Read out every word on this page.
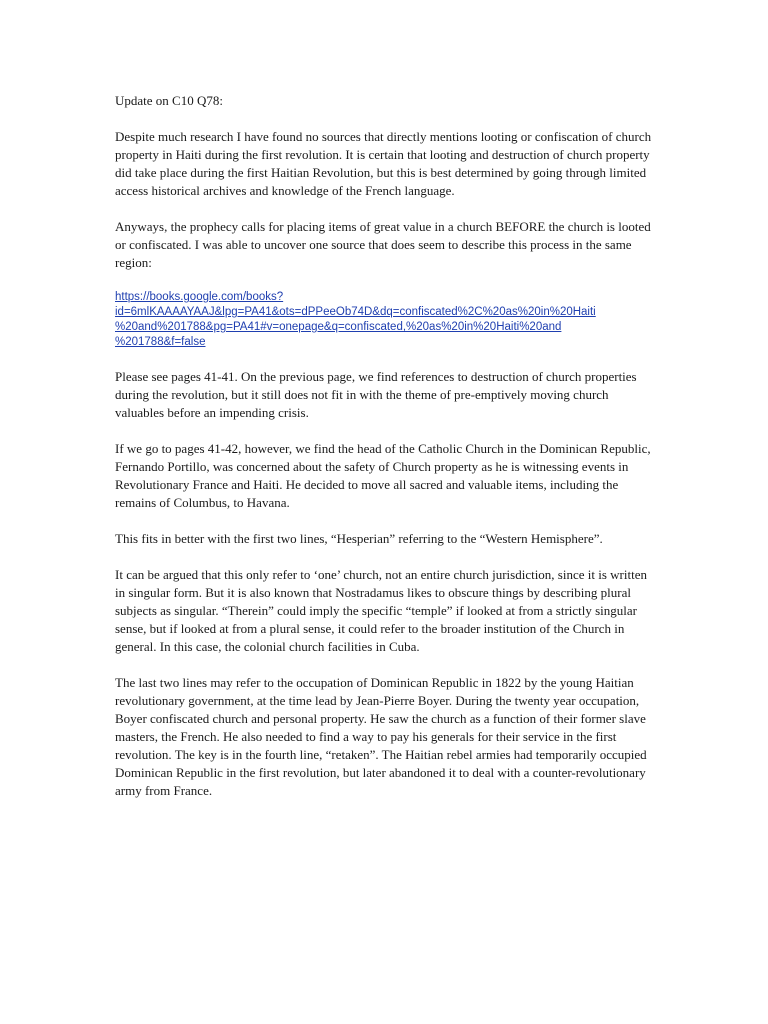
Update on C10 Q78:

Despite much research I have found no sources that directly mentions looting or confiscation of church property in Haiti during the first revolution. It is certain that looting and destruction of church property did take place during the first Haitian Revolution, but this is best determined by going through limited access historical archives and knowledge of the French language.

Anyways, the prophecy calls for placing items of great value in a church BEFORE the church is looted or confiscated. I was able to uncover one source that does seem to describe this process in the same region:

https://books.google.com/books?
id=6mlKAAAAYAAJ&lpg=PA41&ots=dPPeeOb74D&dq=confiscated%2C%20as%20in%20Haiti
%20and%201788&pg=PA41#v=onepage&q=confiscated,%20as%20in%20Haiti%20and
%201788&f=false

Please see pages 41-41. On the previous page, we find references to destruction of church properties during the revolution, but it still does not fit in with the theme of pre-emptively moving church valuables before an impending crisis.

If we go to pages 41-42, however, we find the head of the Catholic Church in the Dominican Republic, Fernando Portillo, was concerned about the safety of Church property as he is witnessing events in Revolutionary France and Haiti. He decided to move all sacred and valuable items, including the remains of Columbus, to Havana.

This fits in better with the first two lines, “Hesperian” referring to the “Western Hemisphere”.

It can be argued that this only refer to ‘one’ church, not an entire church jurisdiction, since it is written in singular form. But it is also known that Nostradamus likes to obscure things by describing plural subjects as singular. “Therein” could imply the specific “temple” if looked at from a strictly singular sense, but if looked at from a plural sense, it could refer to the broader institution of the Church in general. In this case, the colonial church facilities in Cuba.

The last two lines may refer to the occupation of Dominican Republic in 1822 by the young Haitian revolutionary government, at the time lead by Jean-Pierre Boyer. During the twenty year occupation, Boyer confiscated church and personal property. He saw the church as a function of their former slave masters, the French. He also needed to find a way to pay his generals for their service in the first revolution. The key is in the fourth line, “retaken”. The Haitian rebel armies had temporarily occupied Dominican Republic in the first revolution, but later abandoned it to deal with a counter-revolutionary army from France.
